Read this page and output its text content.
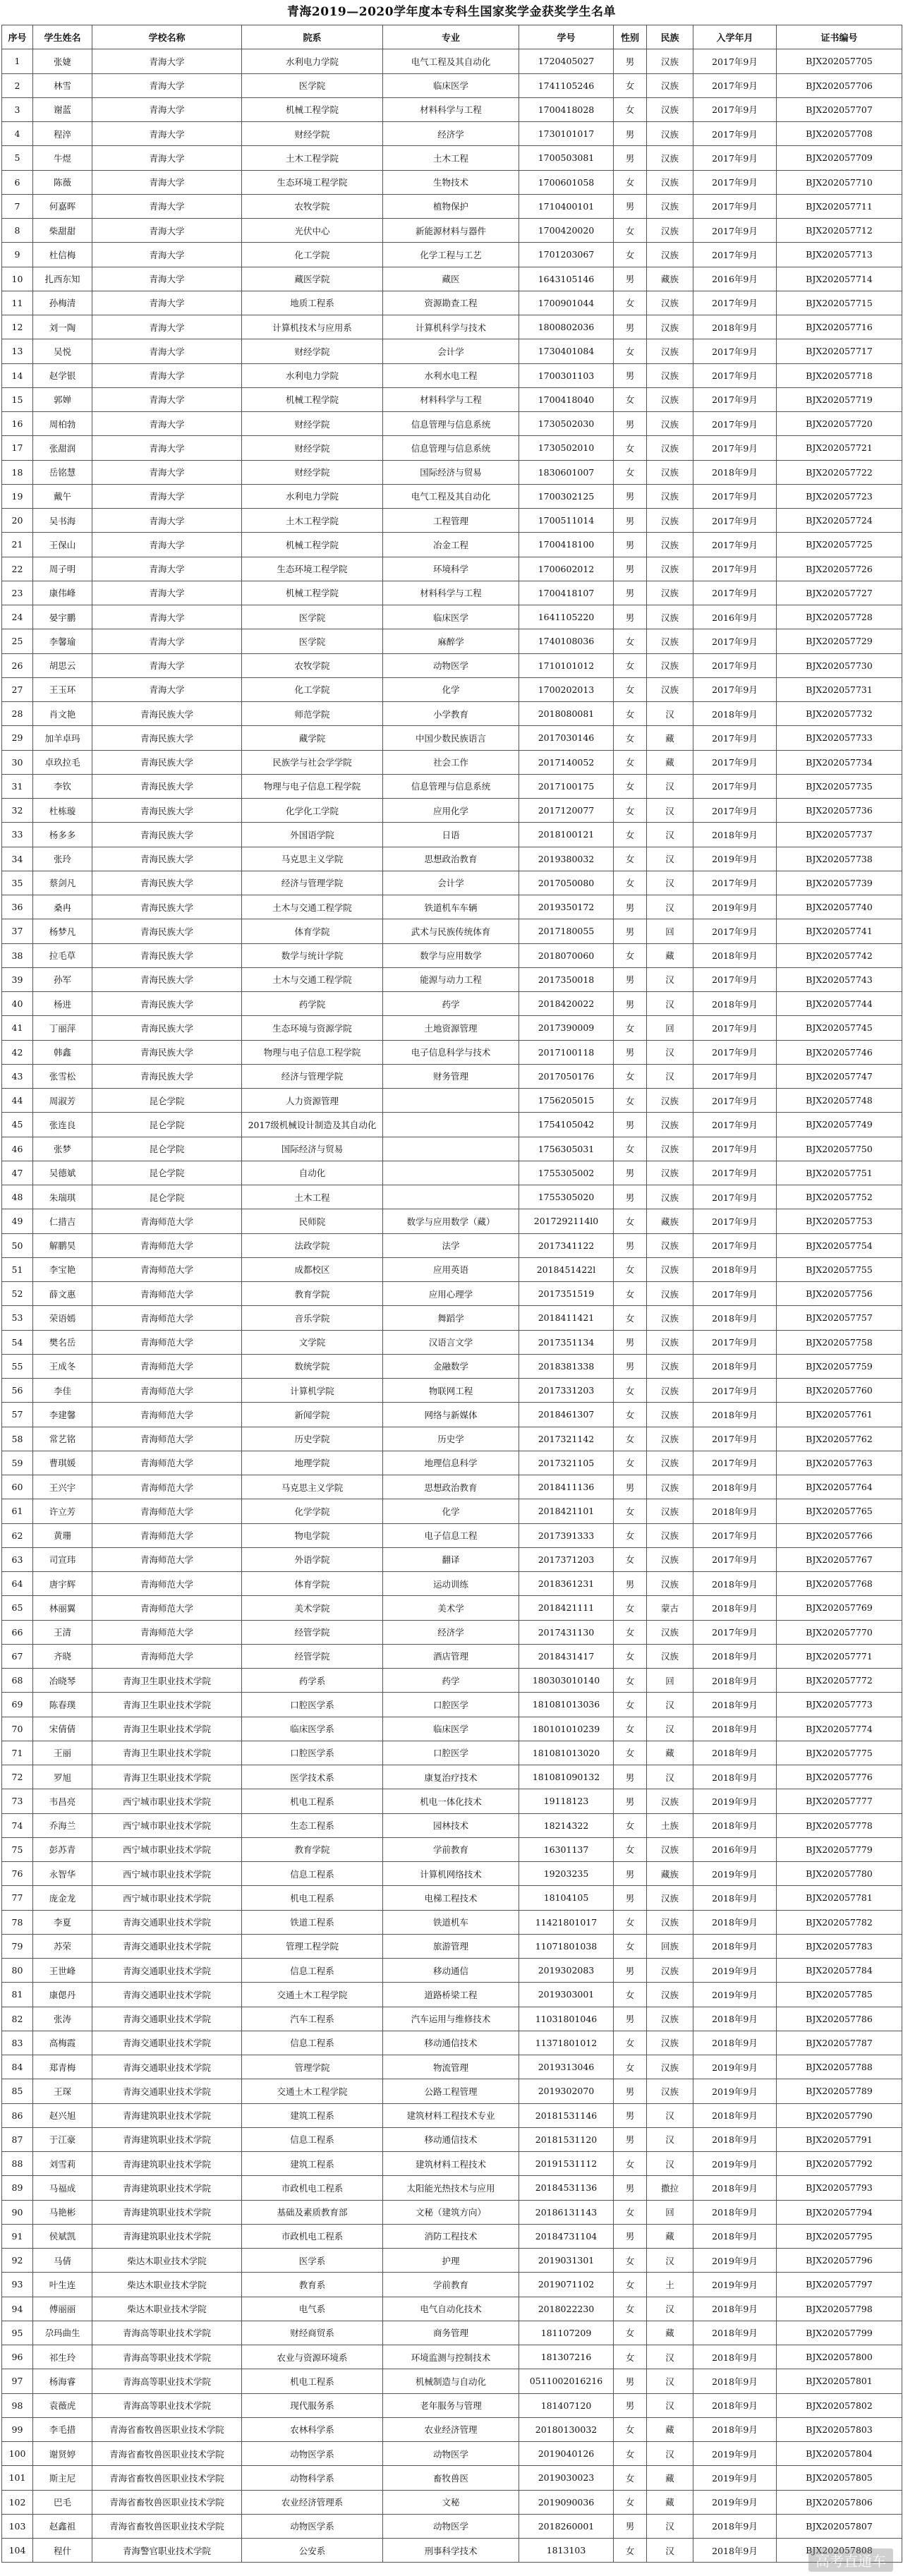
青海2019—2020学年度本专科生国家奖学金获奖学生名单
序号	学生姓名	学校名称	院系	专业	学号	性别	民族	入学年月	证书编号
1	张婕	青海大学	水利电力学院	电气工程及其自动化	1720405027	男	汉族	2017年9月	BJX202057705
2	林雪	青海大学	医学院	临床医学	1741105246	女	汉族	2017年9月	BJX202057706
3	谢蓝	青海大学	机械工程学院	材料科学与工程	1700418028	女	汉族	2017年9月	BJX202057707
4	程淬	青海大学	财经学院	经济学	1730101017	男	汉族	2017年9月	BJX202057708
5	牛煜	青海大学	土木工程学院	土木工程	1700503081	男	汉族	2017年9月	BJX202057709
6	陈薇	青海大学	生态环境工程学院	生物技术	1700601058	女	汉族	2017年9月	BJX202057710
7	何嘉晖	青海大学	农牧学院	植物保护	1710400101	男	汉族	2017年9月	BJX202057711
8	柴甜甜	青海大学	光伏中心	新能源材料与器件	1700420020	女	汉族	2017年9月	BJX202057712
9	杜信梅	青海大学	化工学院	化学工程与工艺	1701203067	女	汉族	2017年9月	BJX202057713
10	扎西东知	青海大学	藏医学院	藏医	1643105146	男	藏族	2016年9月	BJX202057714
11	孙梅清	青海大学	地质工程系	资源勘查工程	1700901044	女	汉族	2017年9月	BJX202057715
12	刘一陶	青海大学	计算机技术与应用系	计算机科学与技术	1800802036	男	汉族	2018年9月	BJX202057716
13	吴悦	青海大学	财经学院	会计学	1730401084	女	汉族	2017年9月	BJX202057717
14	赵学银	青海大学	水利电力学院	水利水电工程	1700301103	男	汉族	2017年9月	BJX202057718
15	郭婵	青海大学	机械工程学院	材料科学与工程	1700418040	女	汉族	2017年9月	BJX202057719
16	周柏勃	青海大学	财经学院	信息管理与信息系统	1730502030	男	汉族	2017年9月	BJX202057720
17	张甜润	青海大学	财经学院	信息管理与信息系统	1730502010	女	汉族	2017年9月	BJX202057721
18	岳铭慧	青海大学	财经学院	国际经济与贸易	1830601007	女	汉族	2018年9月	BJX202057722
19	戴午	青海大学	水利电力学院	电气工程及其自动化	1700302125	男	汉族	2017年9月	BJX202057723
20	吴书海	青海大学	土木工程学院	工程管理	1700511014	男	汉族	2017年9月	BJX202057724
21	王保山	青海大学	机械工程学院	冶金工程	1700418100	男	汉族	2017年9月	BJX202057725
22	周子明	青海大学	生态环境工程学院	环境科学	1700602012	男	汉族	2017年9月	BJX202057726
23	康伟峰	青海大学	机械工程学院	材料科学与工程	1700418107	男	汉族	2017年9月	BJX202057727
24	晏宇鹏	青海大学	医学院	临床医学	1641105220	男	汉族	2016年9月	BJX202057728
25	李馨瑜	青海大学	医学院	麻醉学	1740108036	女	汉族	2017年9月	BJX202057729
26	胡思云	青海大学	农牧学院	动物医学	1710101012	女	汉族	2017年9月	BJX202057730
27	王玉环	青海大学	化工学院	化学	1700202013	女	汉族	2017年9月	BJX202057731
28	肖文艳	青海民族大学	师范学院	小学教育	2018080081	女	汉	2018年9月	BJX202057732
29	加羊卓玛	青海民族大学	藏学院	中国少数民族语言	2017030146	女	藏	2017年9月	BJX202057733
30	卓玖拉毛	青海民族大学	民族学与社会学学院	社会工作	2017140052	女	藏	2017年9月	BJX202057734
31	李钦	青海民族大学	物理与电子信息工程学院	信息管理与信息系统	2017100175	女	汉	2017年9月	BJX202057735
32	杜栋璇	青海民族大学	化学化工学院	应用化学	2017120077	女	汉	2017年9月	BJX202057736
33	杨多多	青海民族大学	外国语学院	日语	2018100121	女	汉	2018年9月	BJX202057737
34	张玲	青海民族大学	马克思主义学院	思想政治教育	2019380032	女	汉	2019年9月	BJX202057738
35	蔡剑凡	青海民族大学	经济与管理学院	会计学	2017050080	女	汉	2017年9月	BJX202057739
36	桑冉	青海民族大学	土木与交通工程学院	铁道机车车辆	2019350172	男	汉	2019年9月	BJX202057740
37	杨梦凡	青海民族大学	体育学院	武术与民族传统体育	2017180055	男	回	2017年9月	BJX202057741
38	拉毛草	青海民族大学	数学与统计学院	数学与应用数学	2018070060	女	藏	2018年9月	BJX202057742
39	孙军	青海民族大学	土木与交通工程学院	能源与动力工程	2017350018	男	汉	2017年9月	BJX202057743
40	杨进	青海民族大学	药学院	药学	2018420022	男	汉	2018年9月	BJX202057744
41	丁丽萍	青海民族大学	生态环境与资源学院	土地资源管理	2017390009	女	回	2017年9月	BJX202057745
42	韩鑫	青海民族大学	物理与电子信息工程学院	电子信息科学与技术	2017100118	男	汉	2017年9月	BJX202057746
43	张雪松	青海民族大学	经济与管理学院	财务管理	2017050176	女	汉	2017年9月	BJX202057747
44	周淑芳	昆仑学院	人力资源管理		1756205015	女	汉族	2017年9月	BJX202057748
45	张连良	昆仑学院	2017级机械设计制造及其自动化		1754105042	男	汉族	2017年9月	BJX202057749
46	张梦	昆仑学院	国际经济与贸易		1756305031	女	汉族	2017年9月	BJX202057750
47	吴德斌	昆仑学院	自动化		1755305002	男	汉族	2017年9月	BJX202057751
48	朱瑞琪	昆仑学院	土木工程		1755305020	男	汉族	2017年9月	BJX202057752
49	仁措吉	青海师范大学	民师院	数学与应用数学（藏）	2017292114l0	女	藏族	2017年9月	BJX202057753
50	解鹏昊	青海师范大学	法政学院	法学	2017341122	男	汉族	2017年9月	BJX202057754
51	李宝艳	青海师范大学	成都校区	应用英语	2018451422l	女	汉族	2018年9月	BJX202057755
52	薛文惠	青海师范大学	教育学院	应用心理学	2017351519	女	汉族	2017年9月	BJX202057756
53	荣语嫣	青海师范大学	音乐学院	舞蹈学	2018411421	女	汉族	2018年9月	BJX202057757
54	樊名岳	青海师范大学	文学院	汉语言文学	2017351134	男	汉族	2017年9月	BJX202057758
55	王成冬	青海师范大学	数统学院	金融数学	2018381338	男	汉族	2018年9月	BJX202057759
56	李佳	青海师范大学	计算机学院	物联网工程	2017331203	女	汉族	2017年9月	BJX202057760
57	李建馨	青海师范大学	新闻学院	网络与新媒体	2018461307	女	汉族	2018年9月	BJX202057761
58	常艺铭	青海师范大学	历史学院	历史学	2017321142	女	汉族	2017年9月	BJX202057762
59	曹琪媛	青海师范大学	地理学院	地理信息科学	2017321105	女	汉族	2017年9月	BJX202057763
60	王兴宇	青海师范大学	马克思主义学院	思想政治教育	2018411136	男	汉族	2018年9月	BJX202057764
61	许立芳	青海师范大学	化学学院	化学	2018421101	女	汉族	2018年9月	BJX202057765
62	黄珊	青海师范大学	物电学院	电子信息工程	2017391333	女	汉族	2017年9月	BJX202057766
63	司宣玮	青海师范大学	外语学院	翻译	2017371203	女	汉族	2017年9月	BJX202057767
64	唐宇辉	青海师范大学	体育学院	运动训练	2018361231	男	汉族	2018年9月	BJX202057768
65	林丽翼	青海师范大学	美术学院	美术学	2018421111	女	蒙古	2018年9月	BJX202057769
66	王清	青海师范大学	经管学院	经济学	2017431130	女	汉族	2017年9月	BJX202057770
67	齐晓	青海师范大学	经管学院	酒店管理	2018431417	女	汉族	2018年9月	BJX202057771
68	冶晓琴	青海卫生职业技术学院	药学系	药学	180303010140	女	回	2018年9月	BJX202057772
69	陈春璞	青海卫生职业技术学院	口腔医学系	口腔医学	181081013036	女	汉	2018年9月	BJX202057773
70	宋倩倩	青海卫生职业技术学院	临床医学系	临床医学	180101010239	女	汉	2018年9月	BJX202057774
71	王丽	青海卫生职业技术学院	口腔医学系	口腔医学	181081013020	女	藏	2018年9月	BJX202057775
72	罗旭	青海卫生职业技术学院	医学技术系	康复治疗技术	181081090132	男	汉	2018年9月	BJX202057776
73	韦昌亮	西宁城市职业技术学院	机电工程系	机电一体化技术	19118123	男	汉族	2019年9月	BJX202057777
74	乔海兰	西宁城市职业技术学院	生态工程系	园林技术	18214322	女	土族	2018年9月	BJX202057778
75	彭苏青	西宁城市职业技术学院	教育学院	学前教育	16301137	女	汉族	2016年9月	BJX202057779
76	永智华	西宁城市职业技术学院	信息工程系	计算机网络技术	19203235	男	藏族	2019年9月	BJX202057780
77	庞金龙	西宁城市职业技术学院	机电工程系	电梯工程技术	18104105	男	汉族	2018年9月	BJX202057781
78	李夏	青海交通职业技术学院	铁道工程系	铁道机车	11421801017	女	汉族	2018年9月	BJX202057782
79	苏荣	青海交通职业技术学院	管理工程学院	旅游管理	11071801038	女	回族	2018年9月	BJX202057783
80	王世峰	青海交通职业技术学院	信息工程系	移动通信	2019302083	男	汉族	2019年9月	BJX202057784
81	康偲丹	青海交通职业技术学院	交通土木工程学院	道路桥梁工程	2019303001	女	汉族	2019年9月	BJX202057785
82	张涛	青海交通职业技术学院	汽车工程系	汽车运用与维修技术	11031801046	男	汉族	2018年9月	BJX202057786
83	高梅霞	青海交通职业技术学院	信息工程系	移动通信技术	11371801012	女	汉族	2018年9月	BJX202057787
84	郑青梅	青海交通职业技术学院	管理学院	物流管理	2019313046	女	汉族	2019年9月	BJX202057788
85	王琛	青海交通职业技术学院	交通土木工程学院	公路工程管理	2019302070	男	汉族	2019年9月	BJX202057789
86	赵兴旭	青海建筑职业技术学院	建筑工程系	建筑材料工程技术专业	20181531146	男	汉	2018年9月	BJX202057790
87	于江豪	青海建筑职业技术学院	信息工程系	移动通信技术	20181531120	男	汉	2018年9月	BJX202057791
88	刘雪莉	青海建筑职业技术学院	建筑工程系	建筑材料工程技术	20191531112	女	汉	2019年9月	BJX202057792
89	马福成	青海建筑职业技术学院	市政机电工程系	太阳能光热技术与应用	20184531136	男	撒拉	2018年9月	BJX202057793
90	马艳彬	青海建筑职业技术学院	基础及素质教育部	文秘（建筑方向）	20186131143	女	回	2018年9月	BJX202057794
91	侯斌凯	青海建筑职业技术学院	市政机电工程系	消防工程技术	20184731104	男	藏	2018年9月	BJX202057795
92	马倩	柴达木职业技术学院	医学系	护理	2019031301	女	汉	2019年9月	BJX202057796
93	叶生连	柴达木职业技术学院	教育系	学前教育	2019071102	女	土	2019年9月	BJX202057797
94	傅丽丽	柴达木职业技术学院	电气系	电气自动化技术	2018022230	女	汉	2018年9月	BJX202057798
95	尕玛曲生	青海高等职业技术学院	财经商贸系	商务管理	181107209	女	藏	2018年9月	BJX202057799
96	祁生玲	青海高等职业技术学院	农业与资源环境系	环境监测与控制技术	181307216	女	汉	2018年9月	BJX202057800
97	杨海睿	青海高等职业技术学院	机电工程系	机械制造与自动化	0511002016216	男	汉	2018年9月	BJX202057801
98	袁薇虎	青海高等职业技术学院	现代服务系	老年服务与管理	181407120	男	汉	2018年9月	BJX202057802
99	李毛措	青海省畜牧兽医职业技术学院	农林科学系	农业经济管理	20180130032	女	藏	2018年9月	BJX202057803
100	谢贤婷	青海省畜牧兽医职业技术学院	动物医学系	动物医学	2019040126	女	汉	2019年9月	BJX202057804
101	斯主尼	青海省畜牧兽医职业技术学院	动物科学系	畜牧兽医	2019030023	女	藏	2019年9月	BJX202057805
102	巴毛	青海省畜牧兽医职业技术学院	农业经济管理系	文秘	2019090036	女	藏	2019年9月	BJX202057806
103	赵鑫祖	青海省畜牧兽医职业技术学院	动物医学系	动物医学	2018260001	男	汉	2018年9月	BJX202057807
104	程什	青海警官职业技术学院	公安系	刑事科学技术	1813103	女	汉	2018年9月	BJX202057808
高考直通车
